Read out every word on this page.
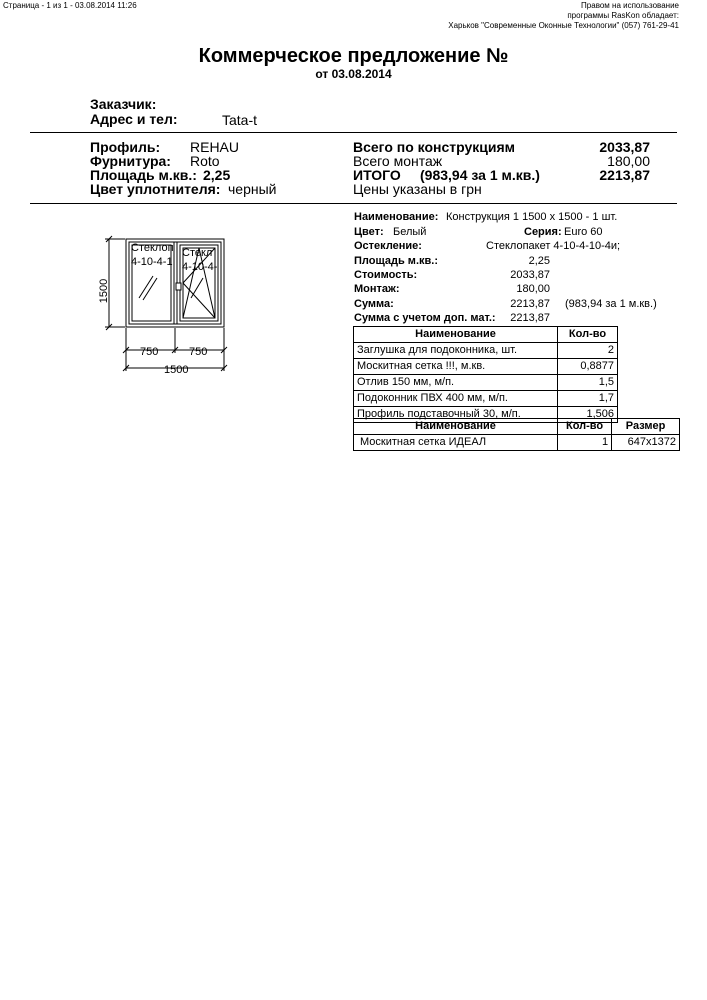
Страница - 1 из 1 - 03.08.2014 11:26	Правом на использование
программы RasKon обладает:
Харьков "Современные Оконные Технологии" (057) 761-29-41
Коммерческое предложение №
от 03.08.2014
Заказчик:
Адрес и тел:	Tata-t
Профиль: REHAU
Фурнитура: Roto
Площадь м.кв.: 2,25
Цвет уплотнителя: черный
Всего по конструкциям	2033,87
Всего монтаж	180,00
ИТОГО (983,94 за 1 м.кв.)	2213,87
Цены указаны в грн
Стеклоп
4-10-4-1
Стекл
4-10-4-
1500
750	750
1500
Наименование: Конструкция 1 1500 х 1500 - 1 шт.
Цвет: Белый	Серия: Euro 60
Остекление:	Стеклопакет 4-10-4-10-4и;
Площадь м.кв.:	2,25
Стоимость:	2033,87
Монтаж:	180,00
Сумма:	2213,87 (983,94 за 1 м.кв.)
Сумма с учетом доп. мат.: 2213,87
Наименование	Кол-во
Заглушка для подоконника, шт.	2
Москитная сетка !!!, м.кв.	0,8877
Отлив 150 мм, м/п.	1,5
Подоконник ПВХ 400 мм, м/п.	1,7
Профиль подставочный 30, м/п.	1,506
Наименование	Кол-во	Размер
Москитная сетка ИДЕАЛ	1	647x1372
